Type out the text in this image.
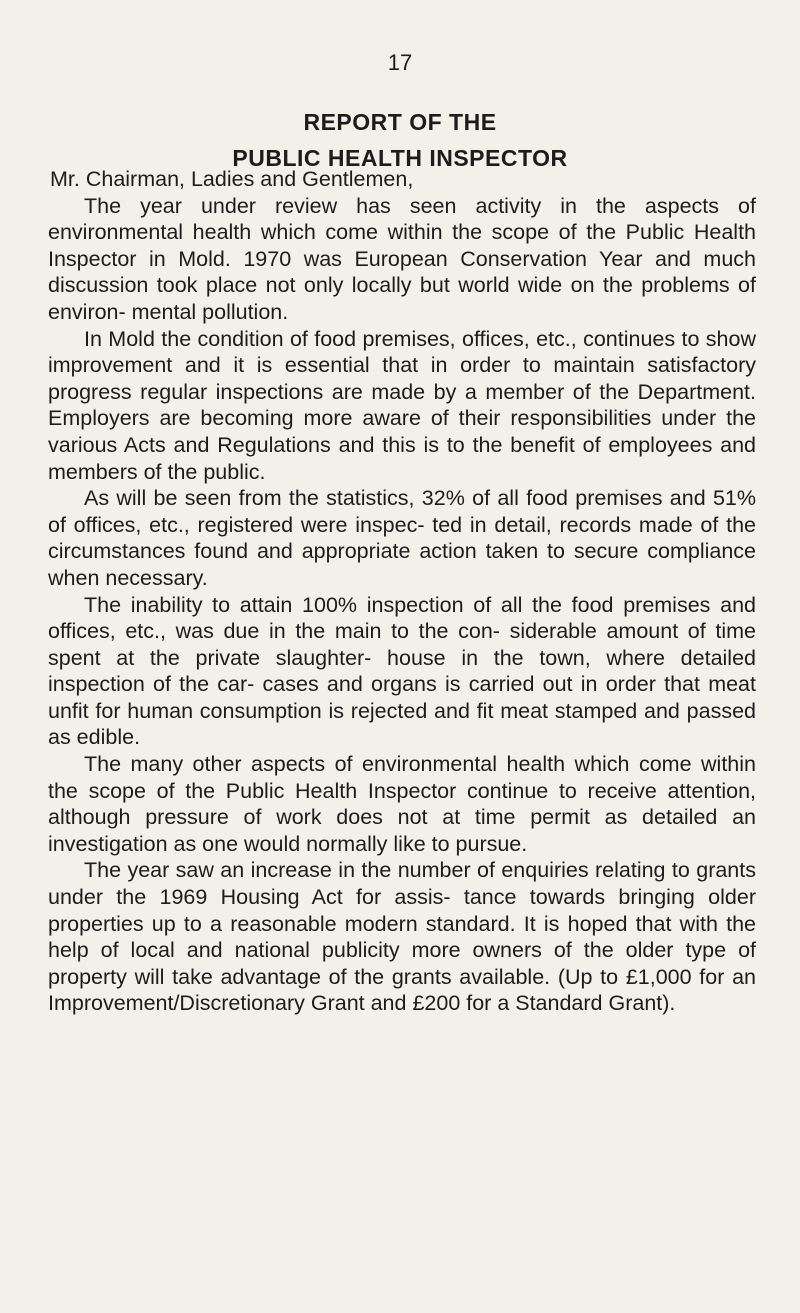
17
REPORT OF THE
PUBLIC HEALTH INSPECTOR

Mr. Chairman, Ladies and Gentlemen,

The year under review has seen activity in the aspects of environmental health which come within the scope of the Public Health Inspector in Mold. 1970 was European Conservation Year and much discussion took place not only locally but world wide on the problems of environ- mental pollution.

In Mold the condition of food premises, offices, etc., continues to show improvement and it is essential that in order to maintain satisfactory progress regular inspections are made by a member of the Department. Employers are becoming more aware of their responsibilities under the various Acts and Regulations and this is to the benefit of employees and members of the public.

As will be seen from the statistics, 32% of all food premises and 51% of offices, etc., registered were inspec- ted in detail, records made of the circumstances found and appropriate action taken to secure compliance when necessary.

The inability to attain 100% inspection of all the food premises and offices, etc., was due in the main to the con- siderable amount of time spent at the private slaughter- house in the town, where detailed inspection of the car- cases and organs is carried out in order that meat unfit for human consumption is rejected and fit meat stamped and passed as edible.

The many other aspects of environmental health which come within the scope of the Public Health Inspector continue to receive attention, although pressure of work does not at time permit as detailed an investigation as one would normally like to pursue.

The year saw an increase in the number of enquiries relating to grants under the 1969 Housing Act for assis- tance towards bringing older properties up to a reasonable modern standard. It is hoped that with the help of local and national publicity more owners of the older type of property will take advantage of the grants available. (Up to £1,000 for an Improvement/Discretionary Grant and £200 for a Standard Grant).
